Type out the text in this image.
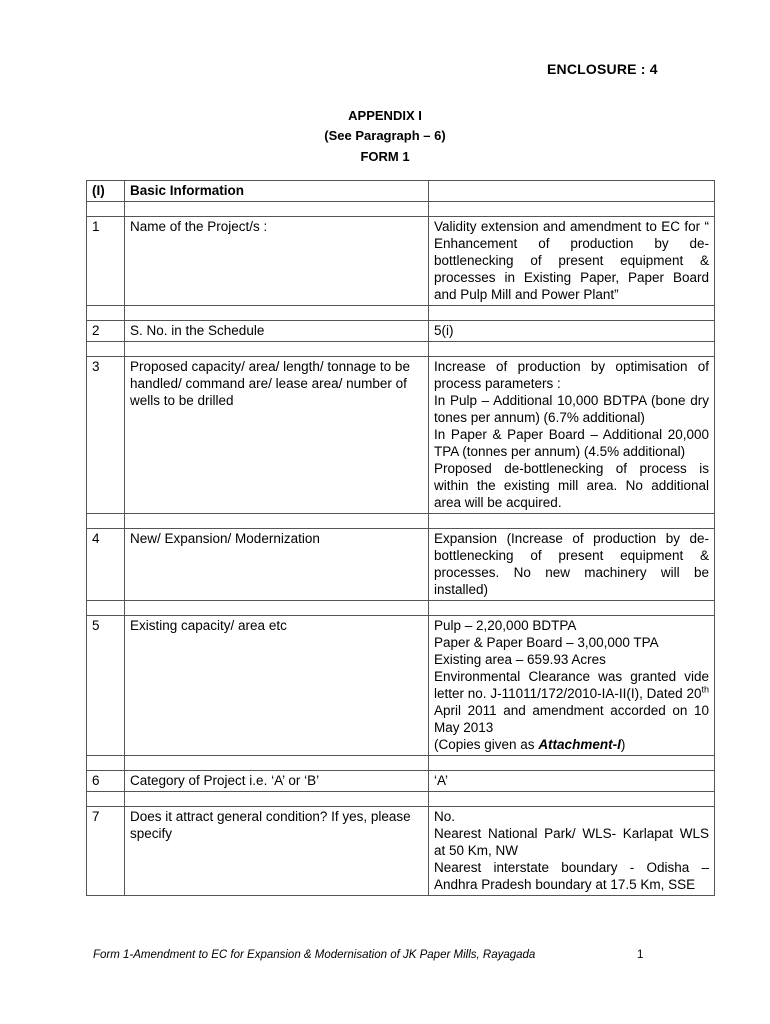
ENCLOSURE : 4
APPENDIX I
(See Paragraph – 6)
FORM 1
(I)	Basic Information	

1	Name of the Project/s :	Validity extension and amendment to EC for “ Enhancement of production by de-bottlenecking of present equipment & processes in Existing Paper, Paper Board and Pulp Mill and Power Plant”

2	S. No. in the Schedule	5(i)

3	Proposed capacity/ area/ length/ tonnage to be handled/ command are/ lease area/ number of wells to be drilled	Increase of production by optimisation of process parameters :
In Pulp – Additional 10,000 BDTPA (bone dry tones per annum) (6.7% additional)
In Paper & Paper Board – Additional 20,000 TPA (tonnes per annum) (4.5% additional)
Proposed de-bottlenecking of process is within the existing mill area. No additional area will be acquired.

4	New/ Expansion/ Modernization	Expansion (Increase of production by de-bottlenecking of present equipment & processes. No new machinery will be installed)

5	Existing capacity/ area etc	Pulp – 2,20,000 BDTPA
Paper & Paper Board – 3,00,000 TPA
Existing area – 659.93 Acres
Environmental Clearance was granted vide letter no. J-11011/172/2010-IA-II(I), Dated 20th April 2011 and amendment accorded on 10 May 2013
(Copies given as Attachment-I)

6	Category of Project i.e. ‘A’ or ‘B’	‘A’

7	Does it attract general condition? If yes, please specify	No.
Nearest National Park/ WLS- Karlapat WLS at 50 Km, NW
Nearest interstate boundary - Odisha – Andhra Pradesh boundary at 17.5 Km, SSE
Form 1-Amendment to EC for Expansion & Modernisation of JK Paper Mills, Rayagada	1
